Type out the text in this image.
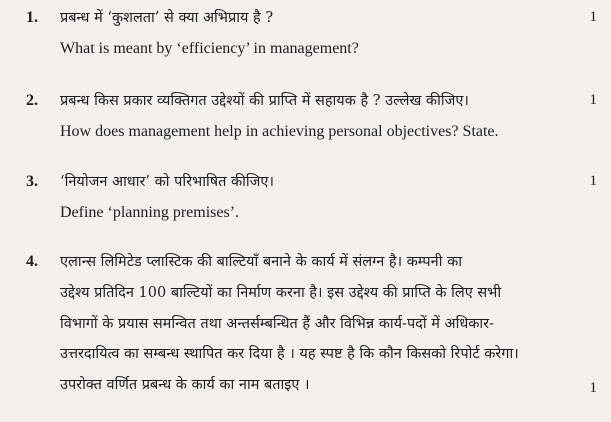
1. प्रबन्ध में ‘कुशलता’ से क्या अभिप्राय है ?
What is meant by ‘efficiency’ in management?
1
2. प्रबन्ध किस प्रकार व्यक्तिगत उद्देश्यों की प्राप्ति में सहायक है ? उल्लेख कीजिए।
How does management help in achieving personal objectives? State.
1
3. ‘नियोजन आधार’ को परिभाषित कीजिए।
Define ‘planning premises’.
1
4. एलान्स लिमिटेड प्लास्टिक की बाल्टियाँ बनाने के कार्य में संलग्न है। कम्पनी का
उद्देश्य प्रतिदिन 100 बाल्टियों का निर्माण करना है। इस उद्देश्य की प्राप्ति के लिए सभी
विभागों के प्रयास समन्वित तथा अन्तर्सम्बन्धित हैं और विभिन्न कार्य-पदों में अधिकार-
उत्तरदायित्व का सम्बन्ध स्थापित कर दिया है । यह स्पष्ट है कि कौन किसको रिपोर्ट करेगा।
उपरोक्त वर्णित प्रबन्ध के कार्य का नाम बताइए ।	1
